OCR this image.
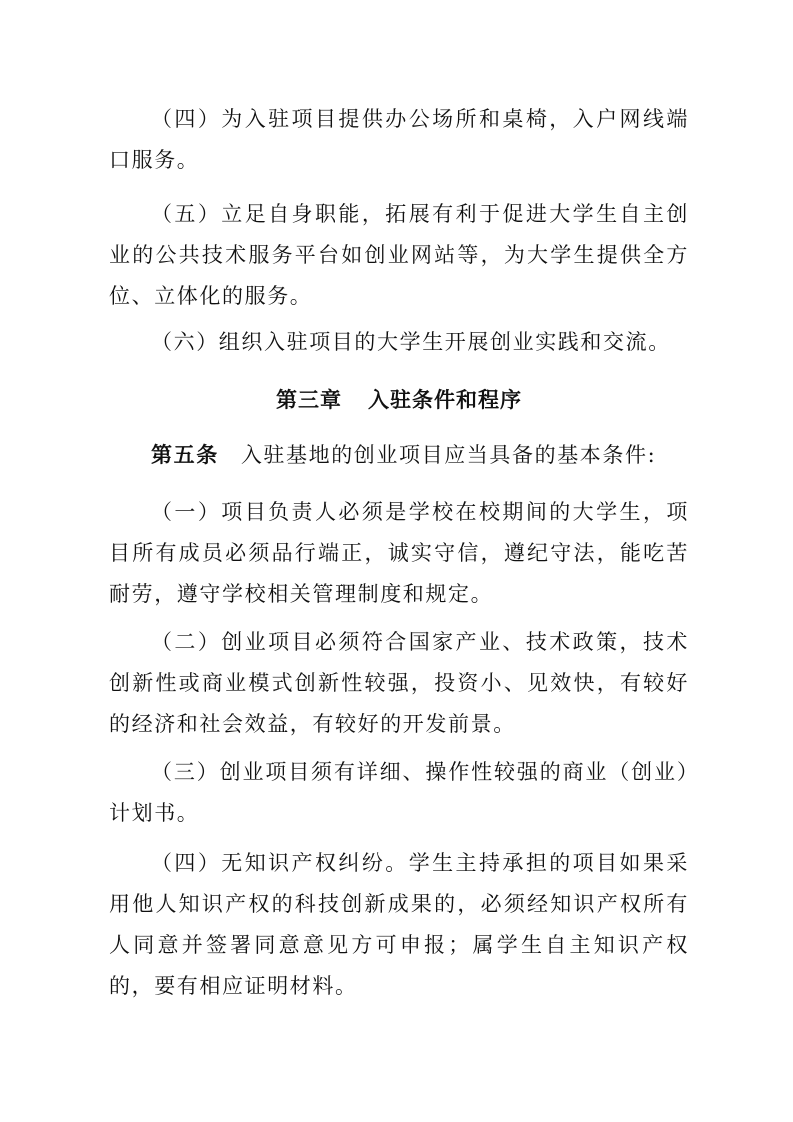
（四）为入驻项目提供办公场所和桌椅，入户网线端口服务。

（五）立足自身职能，拓展有利于促进大学生自主创业的公共技术服务平台如创业网站等，为大学生提供全方位、立体化的服务。

（六）组织入驻项目的大学生开展创业实践和交流。

第三章 入驻条件和程序

第五条 入驻基地的创业项目应当具备的基本条件:

（一）项目负责人必须是学校在校期间的大学生，项目所有成员必须品行端正，诚实守信，遵纪守法，能吃苦耐劳，遵守学校相关管理制度和规定。

（二）创业项目必须符合国家产业、技术政策，技术创新性或商业模式创新性较强，投资小、见效快，有较好的经济和社会效益，有较好的开发前景。

（三）创业项目须有详细、操作性较强的商业（创业）计划书。

（四）无知识产权纠纷。学生主持承担的项目如果采用他人知识产权的科技创新成果的，必须经知识产权所有人同意并签署同意意见方可申报；属学生自主知识产权的，要有相应证明材料。
